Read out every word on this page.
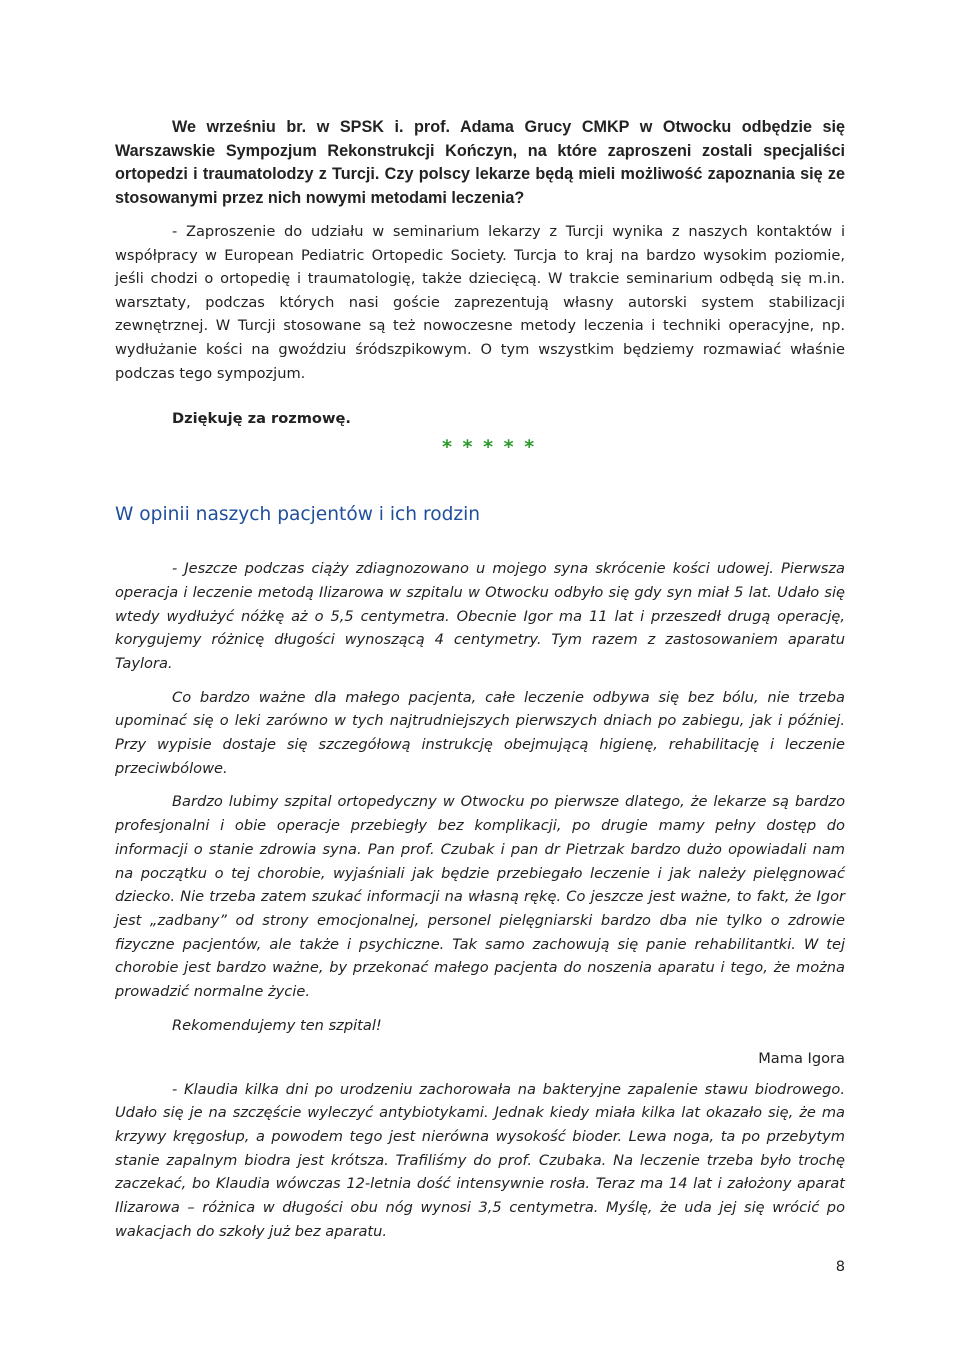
We wrześniu br. w SPSK i. prof. Adama Grucy CMKP w Otwocku odbędzie się Warszawskie Sympozjum Rekonstrukcji Kończyn, na które zaproszeni zostali specjaliści ortopedzi i traumatolodzy z Turcji. Czy polscy lekarze będą mieli możliwość zapoznania się ze stosowanymi przez nich nowymi metodami leczenia?

- Zaproszenie do udziału w seminarium lekarzy z Turcji wynika z naszych kontaktów i współpracy w European Pediatric Ortopedic Society. Turcja to kraj na bardzo wysokim poziomie, jeśli chodzi o ortopedię i traumatologię, także dziecięcą. W trakcie seminarium odbędą się m.in. warsztaty, podczas których nasi goście zaprezentują własny autorski system stabilizacji zewnętrznej. W Turcji stosowane są też nowoczesne metody leczenia i techniki operacyjne, np. wydłużanie kości na gwoździu śródszpikowym. O tym wszystkim będziemy rozmawiać właśnie podczas tego sympozjum.

Dziękuję za rozmowę.
* * * * *
W opinii naszych pacjentów i ich rodzin

- Jeszcze podczas ciąży zdiagnozowano u mojego syna skrócenie kości udowej. Pierwsza operacja i leczenie metodą Ilizarowa w szpitalu w Otwocku odbyło się gdy syn miał 5 lat. Udało się wtedy wydłużyć nóżkę aż o 5,5 centymetra. Obecnie Igor ma 11 lat i przeszedł drugą operację, korygujemy różnicę długości wynoszącą 4 centymetry. Tym razem z zastosowaniem aparatu Taylora.

Co bardzo ważne dla małego pacjenta, całe leczenie odbywa się bez bólu, nie trzeba upominać się o leki zarówno w tych najtrudniejszych pierwszych dniach po zabiegu, jak i później. Przy wypisie dostaje się szczegółową instrukcję obejmującą higienę, rehabilitację i leczenie przeciwbólowe.

Bardzo lubimy szpital ortopedyczny w Otwocku po pierwsze dlatego, że lekarze są bardzo profesjonalni i obie operacje przebiegły bez komplikacji, po drugie mamy pełny dostęp do informacji o stanie zdrowia syna. Pan prof. Czubak i pan dr Pietrzak bardzo dużo opowiadali nam na początku o tej chorobie, wyjaśniali jak będzie przebiegało leczenie i jak należy pielęgnować dziecko. Nie trzeba zatem szukać informacji na własną rękę. Co jeszcze jest ważne, to fakt, że Igor jest „zadbany” od strony emocjonalnej, personel pielęgniarski bardzo dba nie tylko o zdrowie fizyczne pacjentów, ale także i psychiczne. Tak samo zachowują się panie rehabilitantki. W tej chorobie jest bardzo ważne, by przekonać małego pacjenta do noszenia aparatu i tego, że można prowadzić normalne życie.

Rekomendujemy ten szpital!

Mama Igora

- Klaudia kilka dni po urodzeniu zachorowała na bakteryjne zapalenie stawu biodrowego. Udało się je na szczęście wyleczyć antybiotykami. Jednak kiedy miała kilka lat okazało się, że ma krzywy kręgosłup, a powodem tego jest nierówna wysokość bioder. Lewa noga, ta po przebytym stanie zapalnym biodra jest krótsza. Trafiliśmy do prof. Czubaka. Na leczenie trzeba było trochę zaczekać, bo Klaudia wówczas 12-letnia dość intensywnie rosła. Teraz ma 14 lat i założony aparat Ilizarowa – różnica w długości obu nóg wynosi 3,5 centymetra. Myślę, że uda jej się wrócić po wakacjach do szkoły już bez aparatu.

8
